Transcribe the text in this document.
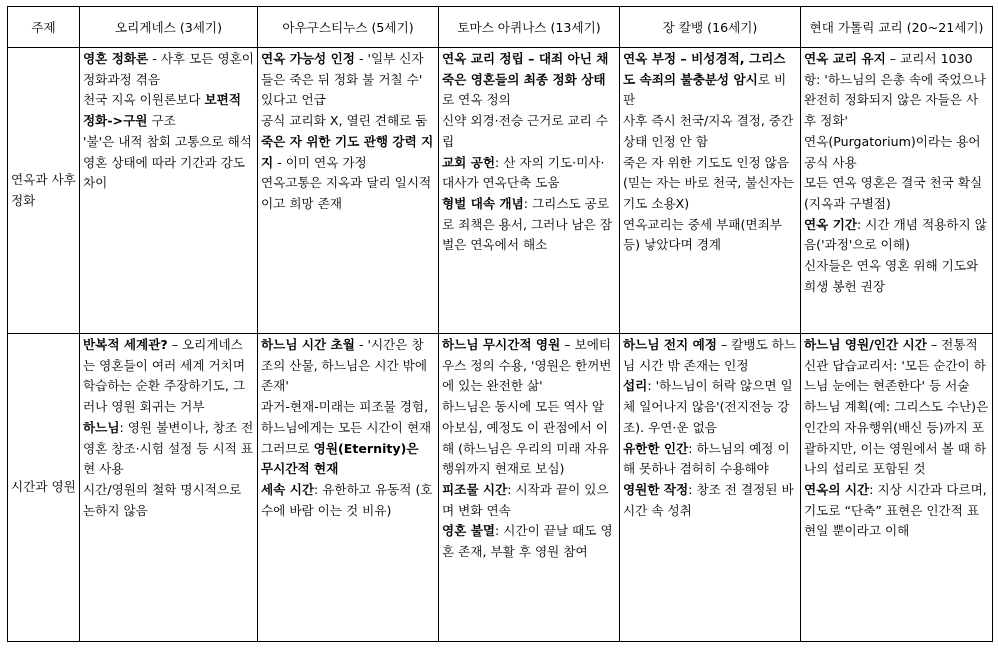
주제	오리게네스 (3세기)	아우구스티누스 (5세기)	토마스 아퀴나스 (13세기)	장 칼뱅 (16세기)	현대 가톨릭 교리 (20~21세기)
연옥과 사후 정화	영혼 정화론 - 사후 모든 영혼이 정화과정 겪음
천국 지옥 이원론보다 보편적 정화->구원 구조
'불'은 내적 참회 고통으로 해석
영혼 상태에 따라 기간과 강도 차이	연옥 가능성 인정 - '일부 신자들은 죽은 뒤 정화 불 거칠 수' 있다고 언급
공식 교리화 X, 열린 견해로 둠
죽은 자 위한 기도 관행 강력 지지 - 이미 연옥 가정
연옥고통은 지옥과 달리 일시적이고 희망 존재	연옥 교리 정립 – 대죄 아닌 채 죽은 영혼들의 최종 정화 상태로 연옥 정의
신약 외경·전승 근거로 교리 수립
교회 공헌: 산 자의 기도·미사·대사가 연옥단축 도움
형벌 대속 개념: 그리스도 공로로 죄책은 용서, 그러나 남은 잠벌은 연옥에서 해소	연옥 부정 – 비성경적, 그리스도 속죄의 불충분성 암시로 비판
사후 즉시 천국/지옥 결정, 중간상태 인정 안 함
죽은 자 위한 기도도 인정 않음 (믿는 자는 바로 천국, 불신자는 기도 소용X)
연옥교리는 중세 부패(면죄부 등) 낳았다며 경계	연옥 교리 유지 – 교리서 1030항: '하느님의 은총 속에 죽었으나 완전히 정화되지 않은 자들은 사후 정화'
연옥(Purgatorium)이라는 용어 공식 사용
모든 연옥 영혼은 결국 천국 확실(지옥과 구별점)
연옥 기간: 시간 개념 적용하지 않음('과정'으로 이해)
신자들은 연옥 영혼 위해 기도와 희생 봉헌 권장

시간과 영원	반복적 세계관? – 오리게네스는 영혼들이 여러 세계 거치며 학습하는 순환 주장하기도, 그러나 영원 회귀는 거부
하느님: 영원 불변이나, 창조 전 영혼 창조·시험 설정 등 시적 표현 사용
시간/영원의 철학 명시적으로 논하지 않음	하느님 시간 초월 - '시간은 창조의 산물, 하느님은 시간 밖에 존재'
과거-현재-미래는 피조물 경험, 하느님에게는 모든 시간이 현재
그러므로 영원(Eternity)은 무시간적 현재
세속 시간: 유한하고 유동적 (호수에 바람 이는 것 비유)	하느님 무시간적 영원 – 보에티우스 정의 수용, '영원은 한꺼번에 있는 완전한 삶'
하느님은 동시에 모든 역사 알아보심, 예정도 이 관점에서 이해 (하느님은 우리의 미래 자유행위까지 현재로 보심)
피조물 시간: 시작과 끝이 있으며 변화 연속
영혼 불멸: 시간이 끝날 때도 영혼 존재, 부활 후 영원 참여	하느님 전지 예정 – 칼뱅도 하느님 시간 밖 존재는 인정
섭리: '하느님이 허락 않으면 일체 일어나지 않음'(전지전능 강조). 우연·운 없음
유한한 인간: 하느님의 예정 이해 못하나 겸허히 수용해야
영원한 작정: 창조 전 결정된 바 시간 속 성취	하느님 영원/인간 시간 – 전통적 신관 답습교리서: '모든 순간이 하느님 눈에는 현존한다' 등 서술
하느님 계획(예: 그리스도 수난)은 인간의 자유행위(배신 등)까지 포괄하지만, 이는 영원에서 볼 때 하나의 섭리로 포함된 것
연옥의 시간: 지상 시간과 다르며, 기도로 “단축” 표현은 인간적 표현일 뿐이라고 이해
